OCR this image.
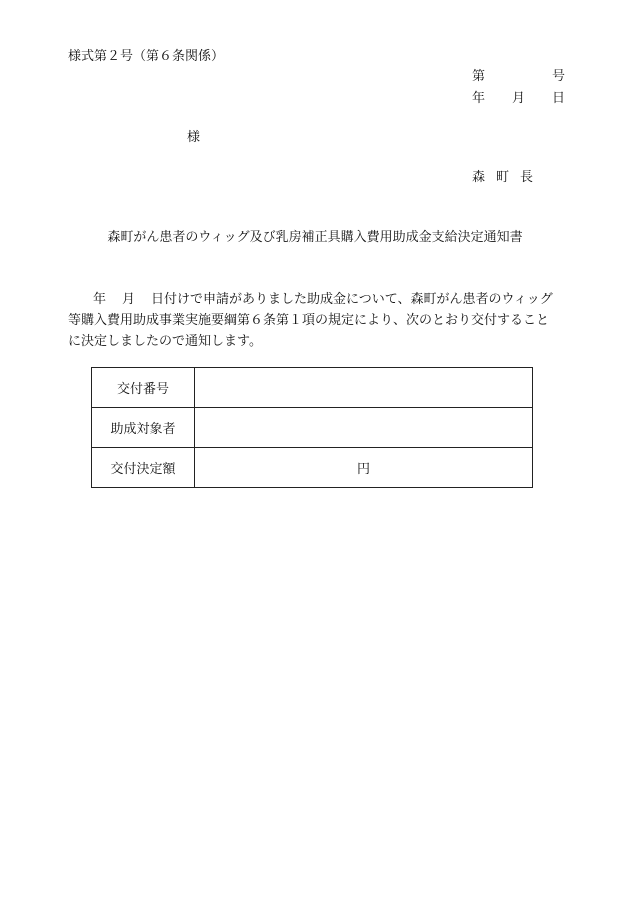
様式第２号（第６条関係）
第	号
年 月 日
様
森町長
森町がん患者のウィッグ及び乳房補正具購入費用助成金支給決定通知書
年 月 日付けで申請がありました助成金について、森町がん患者のウィッグ
等購入費用助成事業実施要綱第６条第１項の規定により、次のとおり交付すること
に決定しましたので通知します。
交付番号	
助成対象者	
交付決定額	円
